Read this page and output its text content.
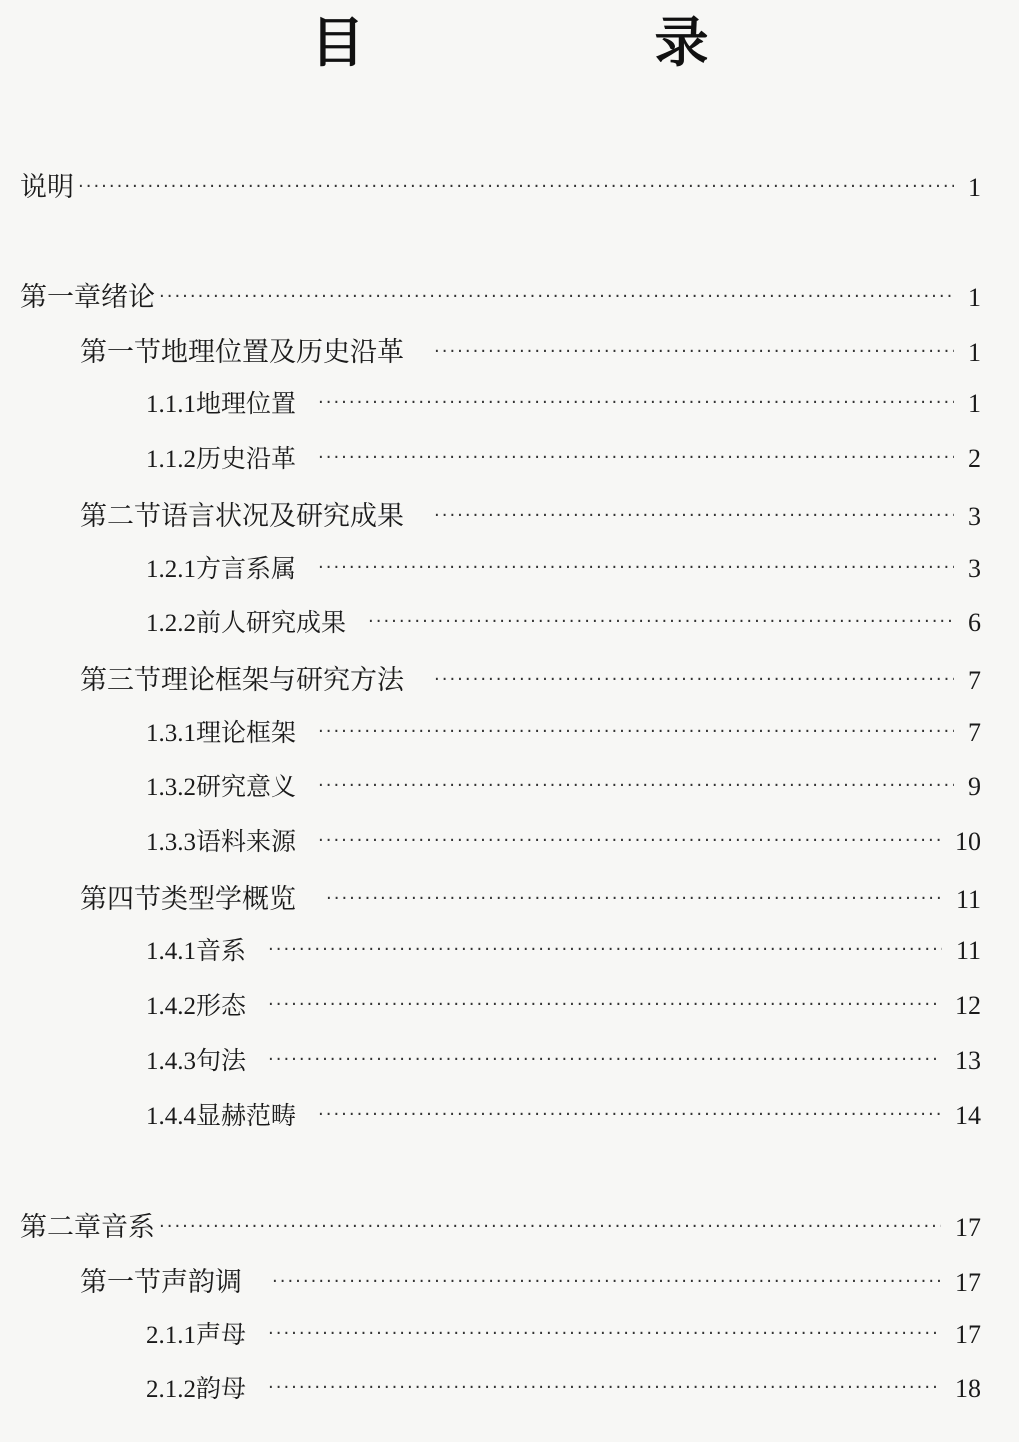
目　录
说明 ·····	1
第一章 绪论 ·····	1
第一节 地理位置及历史沿革 ·····	1
1.1.1 地理位置 ·····	1
1.1.2 历史沿革 ·····	2
第二节 语言状况及研究成果 ·····	3
1.2.1 方言系属 ·····	3
1.2.2 前人研究成果 ·····	6
第三节 理论框架与研究方法 ·····	7
1.3.1 理论框架 ·····	7
1.3.2 研究意义 ·····	9
1.3.3 语料来源 ·····	10
第四节 类型学概览 ·····	11
1.4.1 音系 ·····	11
1.4.2 形态 ·····	12
1.4.3 句法 ·····	13
1.4.4 显赫范畴 ·····	14
第二章 音系 ·····	17
第一节 声韵调 ·····	17
2.1.1 声母 ·····	17
2.1.2 韵母 ·····	18
